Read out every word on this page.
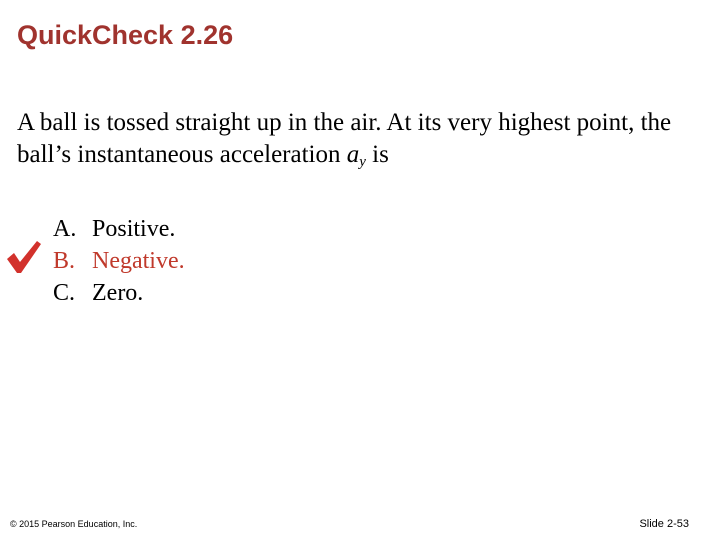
QuickCheck 2.26
A ball is tossed straight up in the air. At its very highest point, the ball’s instantaneous acceleration $a_y$ is
A. Positive.
B. Negative.
C. Zero.
© 2015 Pearson Education, Inc.	Slide 2-53
